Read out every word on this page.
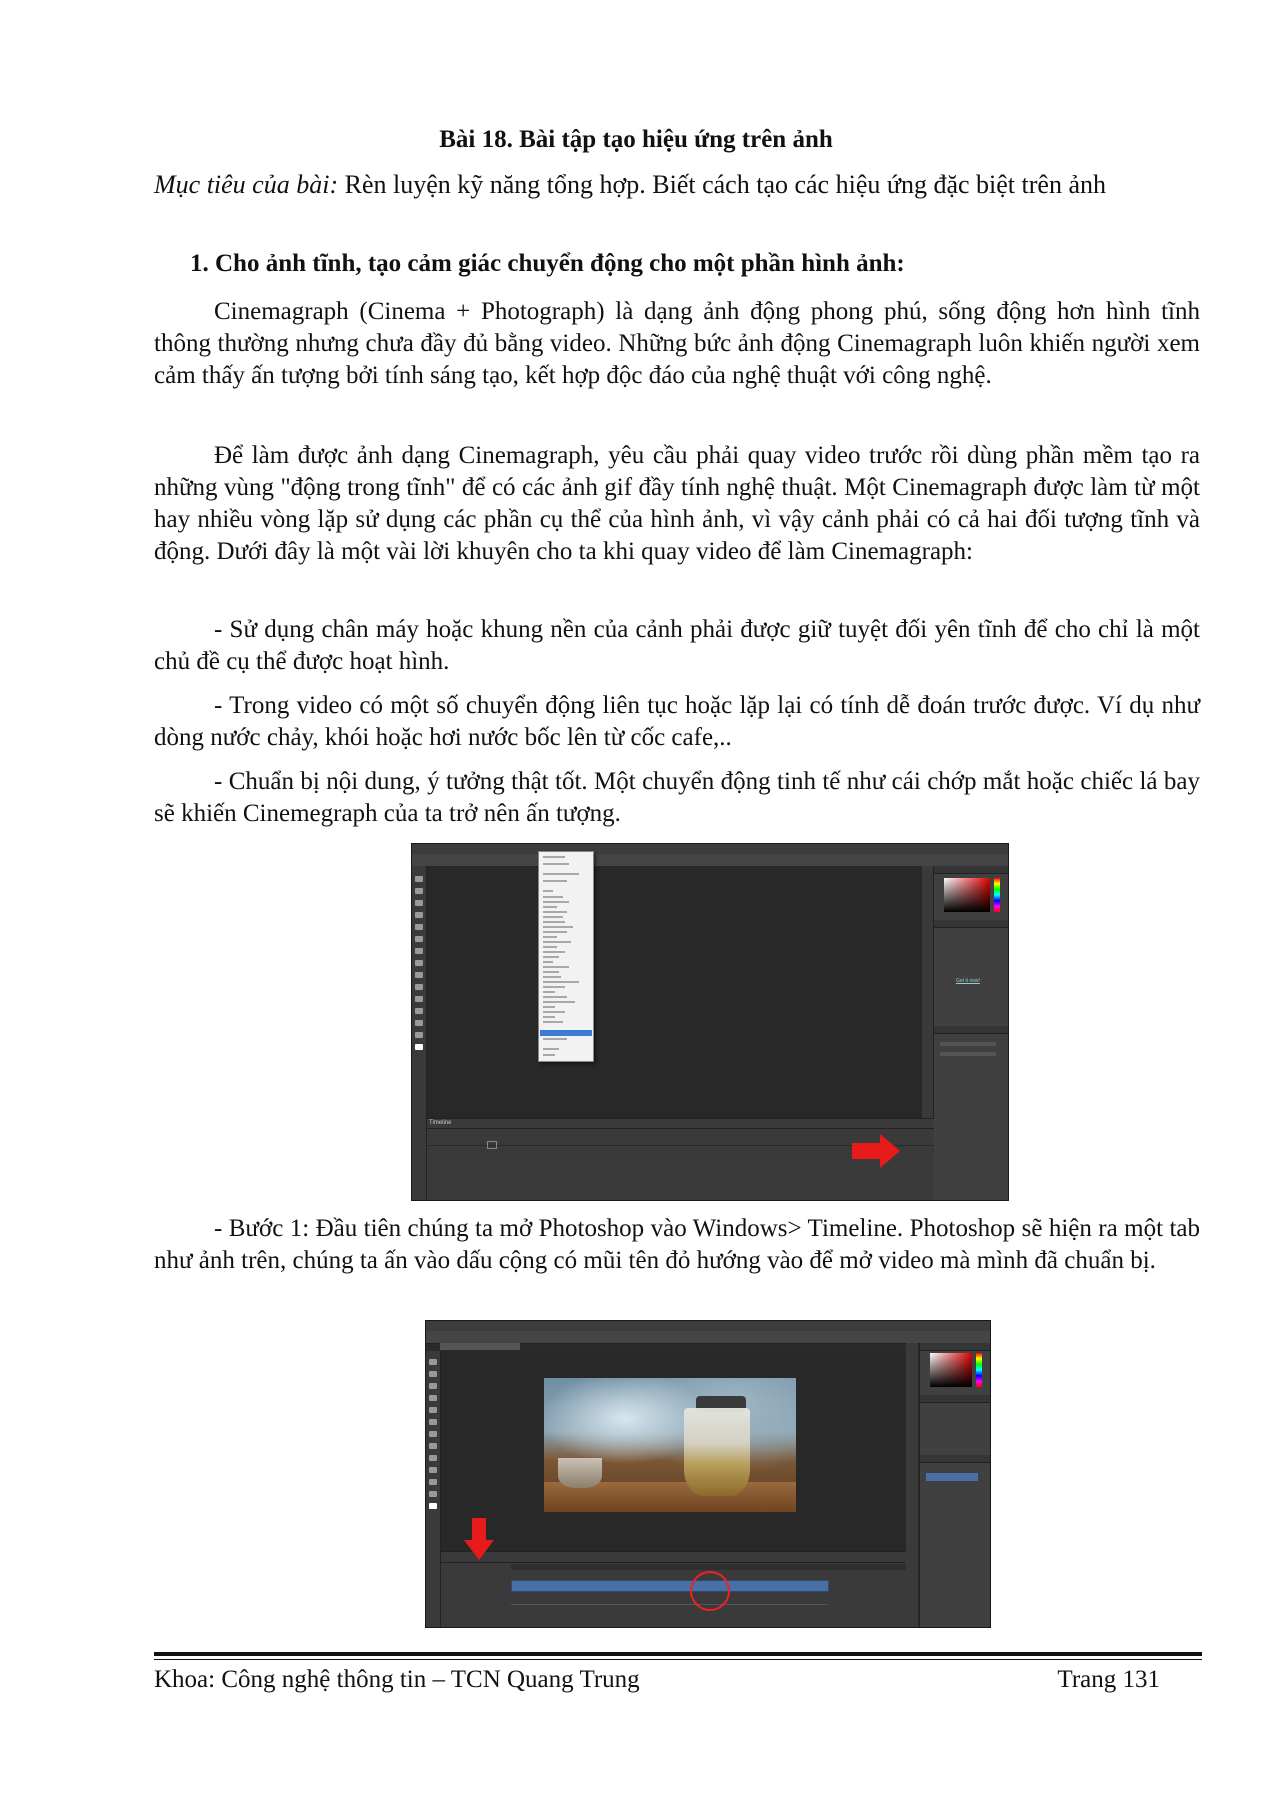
Bài 18. Bài tập tạo hiệu ứng trên ảnh
Mục tiêu của bài: Rèn luyện kỹ năng tổng hợp. Biết cách tạo các hiệu ứng đặc biệt trên ảnh
1. Cho ảnh tĩnh, tạo cảm giác chuyển động cho một phần hình ảnh:

Cinemagraph (Cinema + Photograph) là dạng ảnh động phong phú, sống động hơn hình tĩnh thông thường nhưng chưa đầy đủ bằng video. Những bức ảnh động Cinemagraph luôn khiến người xem cảm thấy ấn tượng bởi tính sáng tạo, kết hợp độc đáo của nghệ thuật với công nghệ.

Để làm được ảnh dạng Cinemagraph, yêu cầu phải quay video trước rồi dùng phần mềm tạo ra những vùng "động trong tĩnh" để có các ảnh gif đầy tính nghệ thuật. Một Cinemagraph được làm từ một hay nhiều vòng lặp sử dụng các phần cụ thể của hình ảnh, vì vậy cảnh phải có cả hai đối tượng tĩnh và động. Dưới đây là một vài lời khuyên cho ta khi quay video để làm Cinemagraph:

- Sử dụng chân máy hoặc khung nền của cảnh phải được giữ tuyệt đối yên tĩnh để cho chỉ là một chủ đề cụ thể được hoạt hình.

- Trong video có một số chuyển động liên tục hoặc lặp lại có tính dễ đoán trước được. Ví dụ như dòng nước chảy, khói hoặc hơi nước bốc lên từ cốc cafe,..

- Chuẩn bị nội dung, ý tưởng thật tốt. Một chuyển động tinh tế như cái chớp mắt hoặc chiếc lá bay sẽ khiến Cinemegraph của ta trở nên ấn tượng.

Get it now!
Timeline

- Bước 1: Đầu tiên chúng ta mở Photoshop vào Windows> Timeline. Photoshop sẽ hiện ra một tab như ảnh trên, chúng ta ấn vào dấu cộng có mũi tên đỏ hướng vào để mở video mà mình đã chuẩn bị.

Khoa: Công nghệ thông tin – TCN Quang Trung	Trang 131
